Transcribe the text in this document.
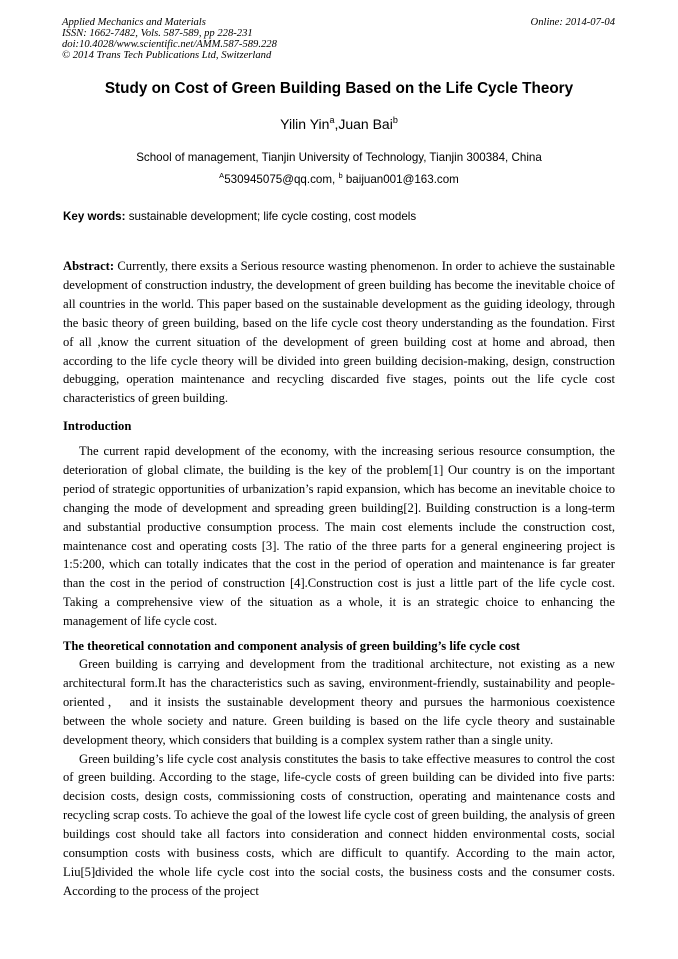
Applied Mechanics and Materials
ISSN: 1662-7482, Vols. 587-589, pp 228-231
doi:10.4028/www.scientific.net/AMM.587-589.228
© 2014 Trans Tech Publications Ltd, Switzerland
Online: 2014-07-04
Study on Cost of Green Building Based on the Life Cycle Theory
Yilin Yin$^a$,Juan Bai$^b$
School of management, Tianjin University of Technology, Tianjin 300384, China
$^A$530945075@qq.com, $^b$ baijuan001@163.com
Key words: sustainable development; life cycle costing, cost models

Abstract: Currently, there exsits a Serious resource wasting phenomenon. In order to achieve the sustainable development of construction industry, the development of green building has become the inevitable choice of all countries in the world. This paper based on the sustainable development as the guiding ideology, through the basic theory of green building, based on the life cycle cost theory understanding as the foundation. First of all ,know the current situation of the development of green building cost at home and abroad, then according to the life cycle theory will be divided into green building decision-making, design, construction debugging, operation maintenance and recycling discarded five stages, points out the life cycle cost characteristics of green building.

Introduction

The current rapid development of the economy, with the increasing serious resource consumption, the deterioration of global climate, the building is the key of the problem[1] Our country is on the important period of strategic opportunities of urbanization’s rapid expansion, which has become an inevitable choice to changing the mode of development and spreading green building[2]. Building construction is a long-term and substantial productive consumption process. The main cost elements include the construction cost, maintenance cost and operating costs [3]. The ratio of the three parts for a general engineering project is 1:5:200, which can totally indicates that the cost in the period of operation and maintenance is far greater than the cost in the period of construction [4].Construction cost is just a little part of the life cycle cost. Taking a comprehensive view of the situation as a whole, it is an strategic choice to enhancing the management of life cycle cost.

The theoretical connotation and component analysis of green building’s life cycle cost

Green building is carrying and development from the traditional architecture, not existing as a new architectural form.It has the characteristics such as saving, environment-friendly, sustainability and people-oriented， and it insists the sustainable development theory and pursues the harmonious coexistence between the whole society and nature. Green building is based on the life cycle theory and sustainable development theory, which considers that building is a complex system rather than a single unity.

Green building’s life cycle cost analysis constitutes the basis to take effective measures to control the cost of green building. According to the stage, life-cycle costs of green building can be divided into five parts: decision costs, design costs, commissioning costs of construction, operating and maintenance costs and recycling scrap costs. To achieve the goal of the lowest life cycle cost of green building, the analysis of green buildings cost should take all factors into consideration and connect hidden environmental costs, social consumption costs with business costs, which are difficult to quantify. According to the main actor, Liu[5]divided the whole life cycle cost into the social costs, the business costs and the consumer costs. According to the process of the project
